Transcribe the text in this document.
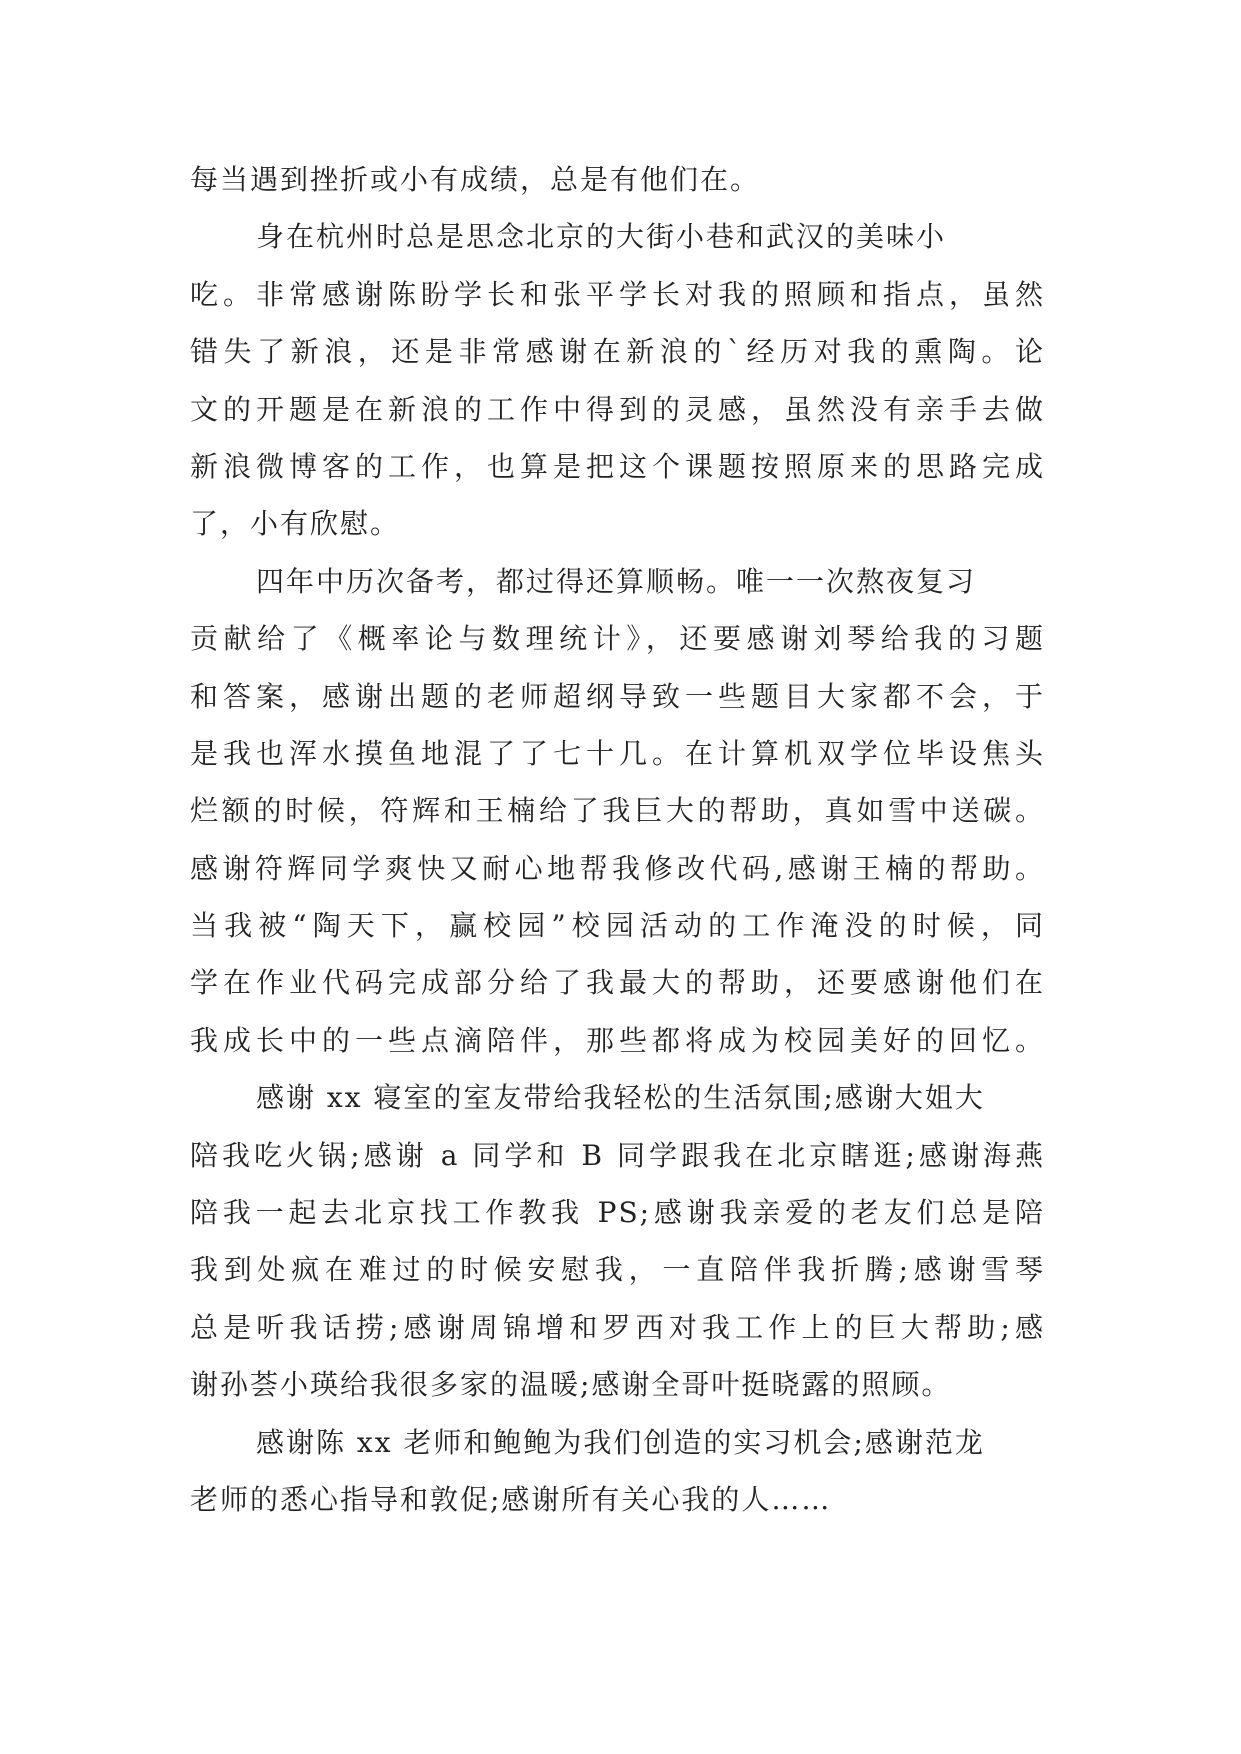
每当遇到挫折或小有成绩，总是有他们在。
身在杭州时总是思念北京的大街小巷和武汉的美味小
吃。非常感谢陈盼学长和张平学长对我的照顾和指点，虽然
错失了新浪，还是非常感谢在新浪的`经历对我的熏陶。论
文的开题是在新浪的工作中得到的灵感，虽然没有亲手去做
新浪微博客的工作，也算是把这个课题按照原来的思路完成
了，小有欣慰。
四年中历次备考，都过得还算顺畅。唯一一次熬夜复习
贡献给了《概率论与数理统计》，还要感谢刘琴给我的习题
和答案，感谢出题的老师超纲导致一些题目大家都不会，于
是我也浑水摸鱼地混了了七十几。在计算机双学位毕设焦头
烂额的时候，符辉和王楠给了我巨大的帮助，真如雪中送碳。
感谢符辉同学爽快又耐心地帮我修改代码,感谢王楠的帮助。
当我被“陶天下，赢校园”校园活动的工作淹没的时候，同
学在作业代码完成部分给了我最大的帮助，还要感谢他们在
我成长中的一些点滴陪伴，那些都将成为校园美好的回忆。
感谢 xx 寝室的室友带给我轻松的生活氛围;感谢大姐大
陪我吃火锅;感谢 a 同学和 B 同学跟我在北京瞎逛;感谢海燕
陪我一起去北京找工作教我 PS;感谢我亲爱的老友们总是陪
我到处疯在难过的时候安慰我，一直陪伴我折腾;感谢雪琴
总是听我话捞;感谢周锦增和罗西对我工作上的巨大帮助;感
谢孙荟小瑛给我很多家的温暖;感谢全哥叶挺晓露的照顾。
感谢陈 xx 老师和鲍鲍为我们创造的实习机会;感谢范龙
老师的悉心指导和敦促;感谢所有关心我的人……
